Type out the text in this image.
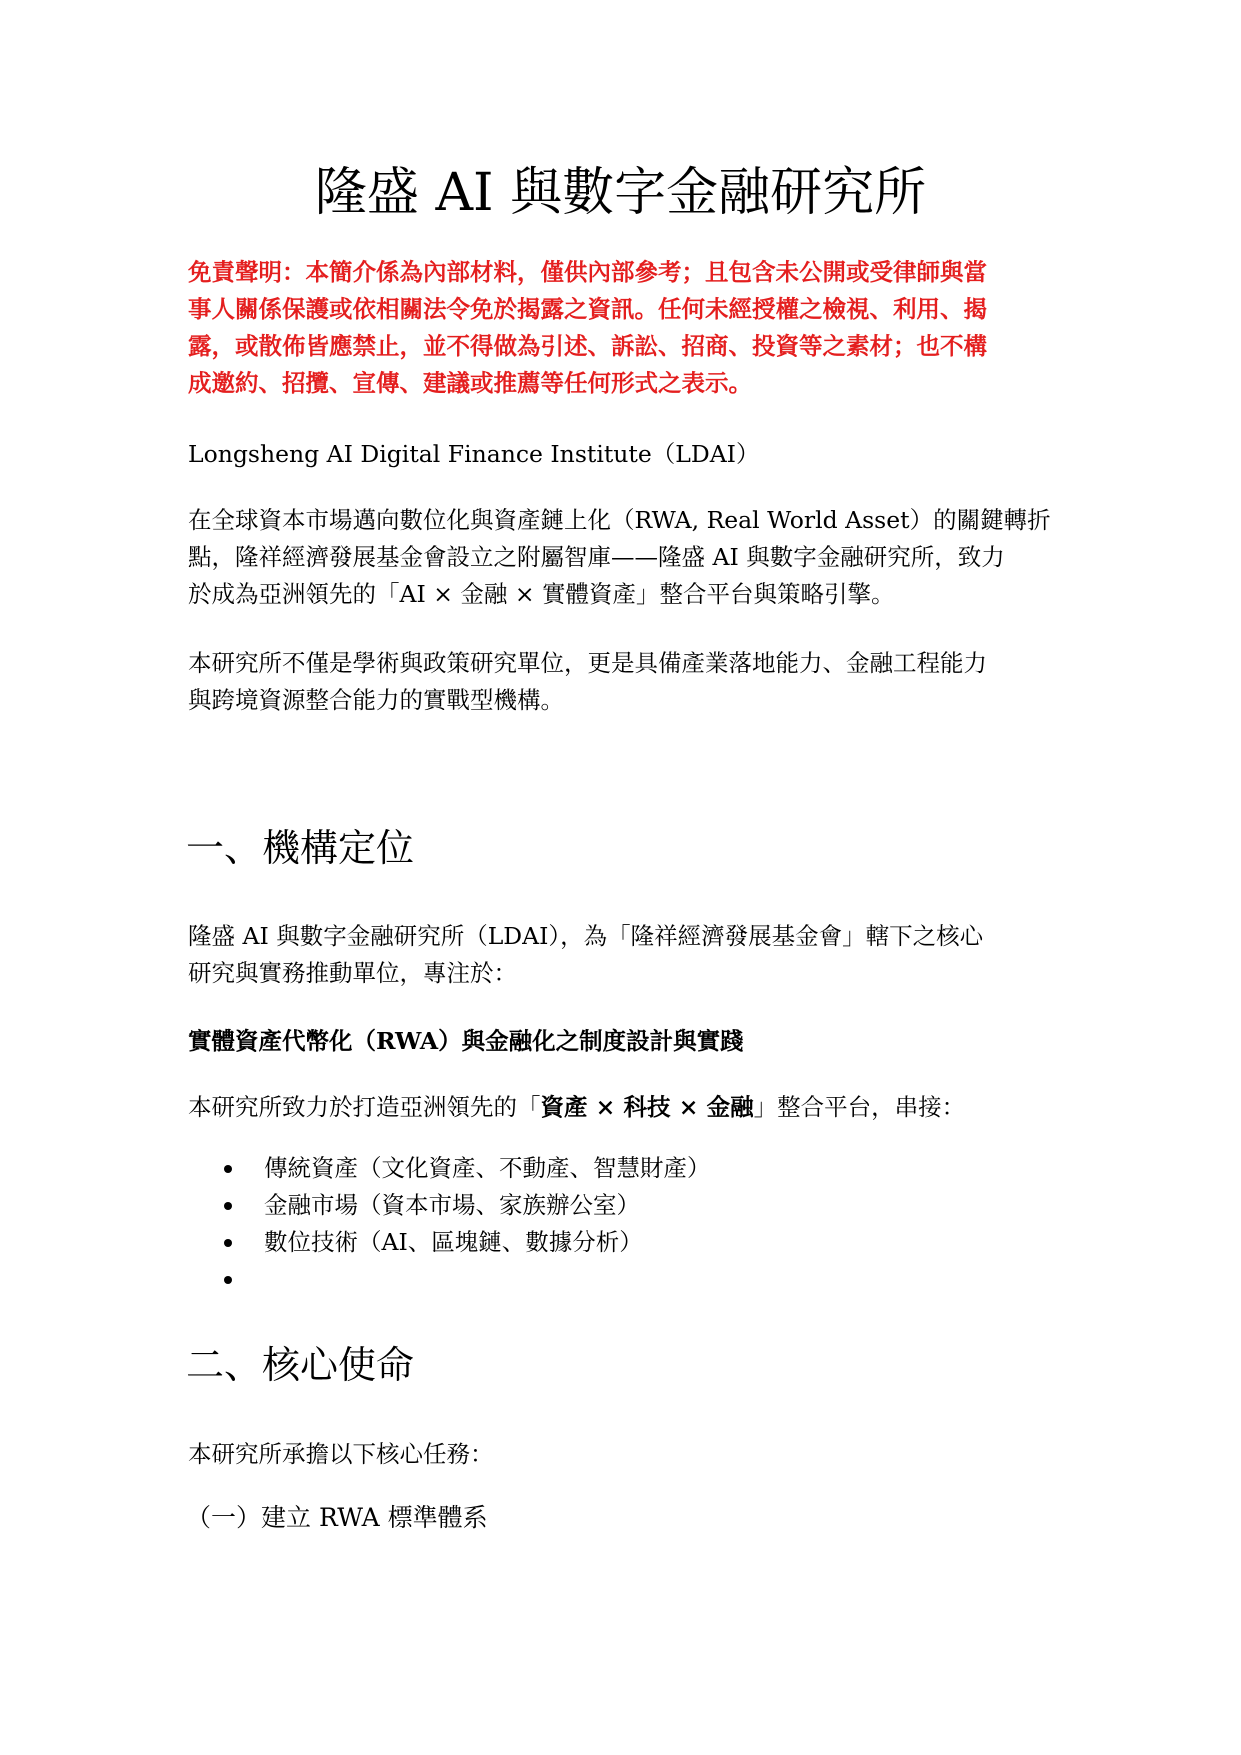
隆盛 AI 與數字金融研究所
免責聲明：本簡介係為內部材料，僅供內部參考；且包含未公開或受律師與當
事人關係保護或依相關法令免於揭露之資訊。任何未經授權之檢視、利用、揭
露，或散佈皆應禁止，並不得做為引述、訴訟、招商、投資等之素材；也不構
成邀約、招攬、宣傳、建議或推薦等任何形式之表示。

Longsheng AI Digital Finance Institute（LDAI）

在全球資本市場邁向數位化與資產鏈上化（RWA, Real World Asset）的關鍵轉折
點，隆祥經濟發展基金會設立之附屬智庫——隆盛 AI 與數字金融研究所，致力
於成為亞洲領先的「AI × 金融 × 實體資產」整合平台與策略引擎。

本研究所不僅是學術與政策研究單位，更是具備產業落地能力、金融工程能力
與跨境資源整合能力的實戰型機構。

一、機構定位

隆盛 AI 與數字金融研究所（LDAI），為「隆祥經濟發展基金會」轄下之核心
研究與實務推動單位，專注於：

實體資產代幣化（RWA）與金融化之制度設計與實踐

本研究所致力於打造亞洲領先的「資產 × 科技 × 金融」整合平台，串接：

傳統資產（文化資產、不動產、智慧財產）
金融市場（資本市場、家族辦公室）
數位技術（AI、區塊鏈、數據分析）
二、核心使命

本研究所承擔以下核心任務：

（一）建立 RWA 標準體系
